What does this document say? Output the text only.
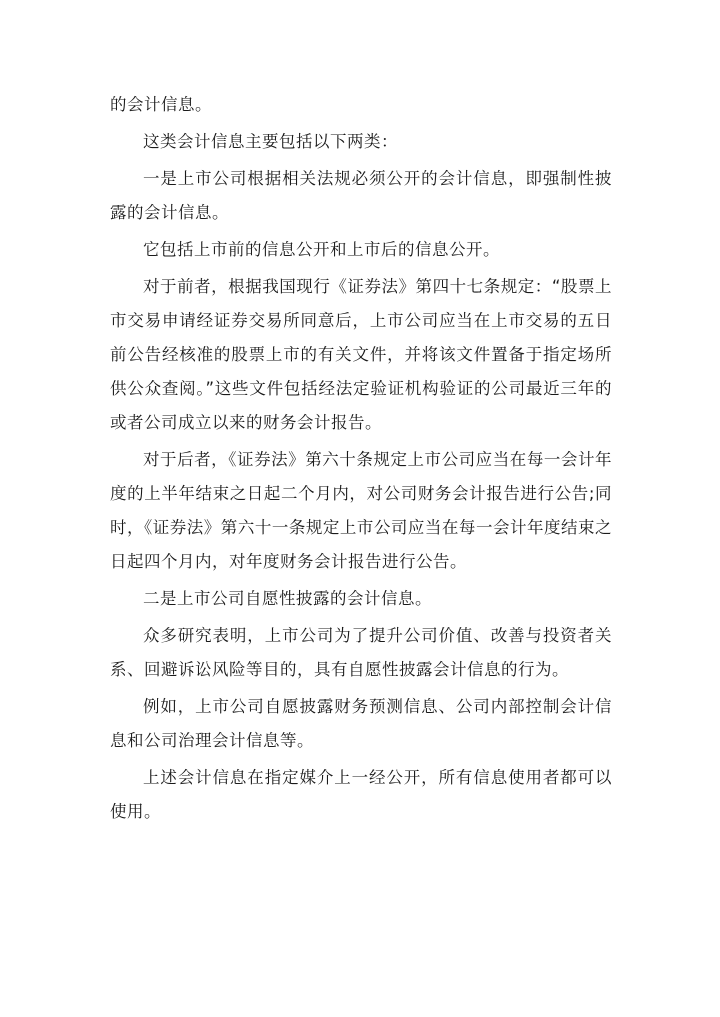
的会计信息。

这类会计信息主要包括以下两类：

一是上市公司根据相关法规必须公开的会计信息，即强制性披露的会计信息。

它包括上市前的信息公开和上市后的信息公开。

对于前者，根据我国现行《证券法》第四十七条规定：“股票上市交易申请经证券交易所同意后，上市公司应当在上市交易的五日前公告经核准的股票上市的有关文件，并将该文件置备于指定场所供公众查阅。”这些文件包括经法定验证机构验证的公司最近三年的或者公司成立以来的财务会计报告。

对于后者，《证券法》第六十条规定上市公司应当在每一会计年度的上半年结束之日起二个月内，对公司财务会计报告进行公告;同时，《证券法》第六十一条规定上市公司应当在每一会计年度结束之日起四个月内，对年度财务会计报告进行公告。

二是上市公司自愿性披露的会计信息。

众多研究表明，上市公司为了提升公司价值、改善与投资者关系、回避诉讼风险等目的，具有自愿性披露会计信息的行为。

例如，上市公司自愿披露财务预测信息、公司内部控制会计信息和公司治理会计信息等。

上述会计信息在指定媒介上一经公开，所有信息使用者都可以使用。
